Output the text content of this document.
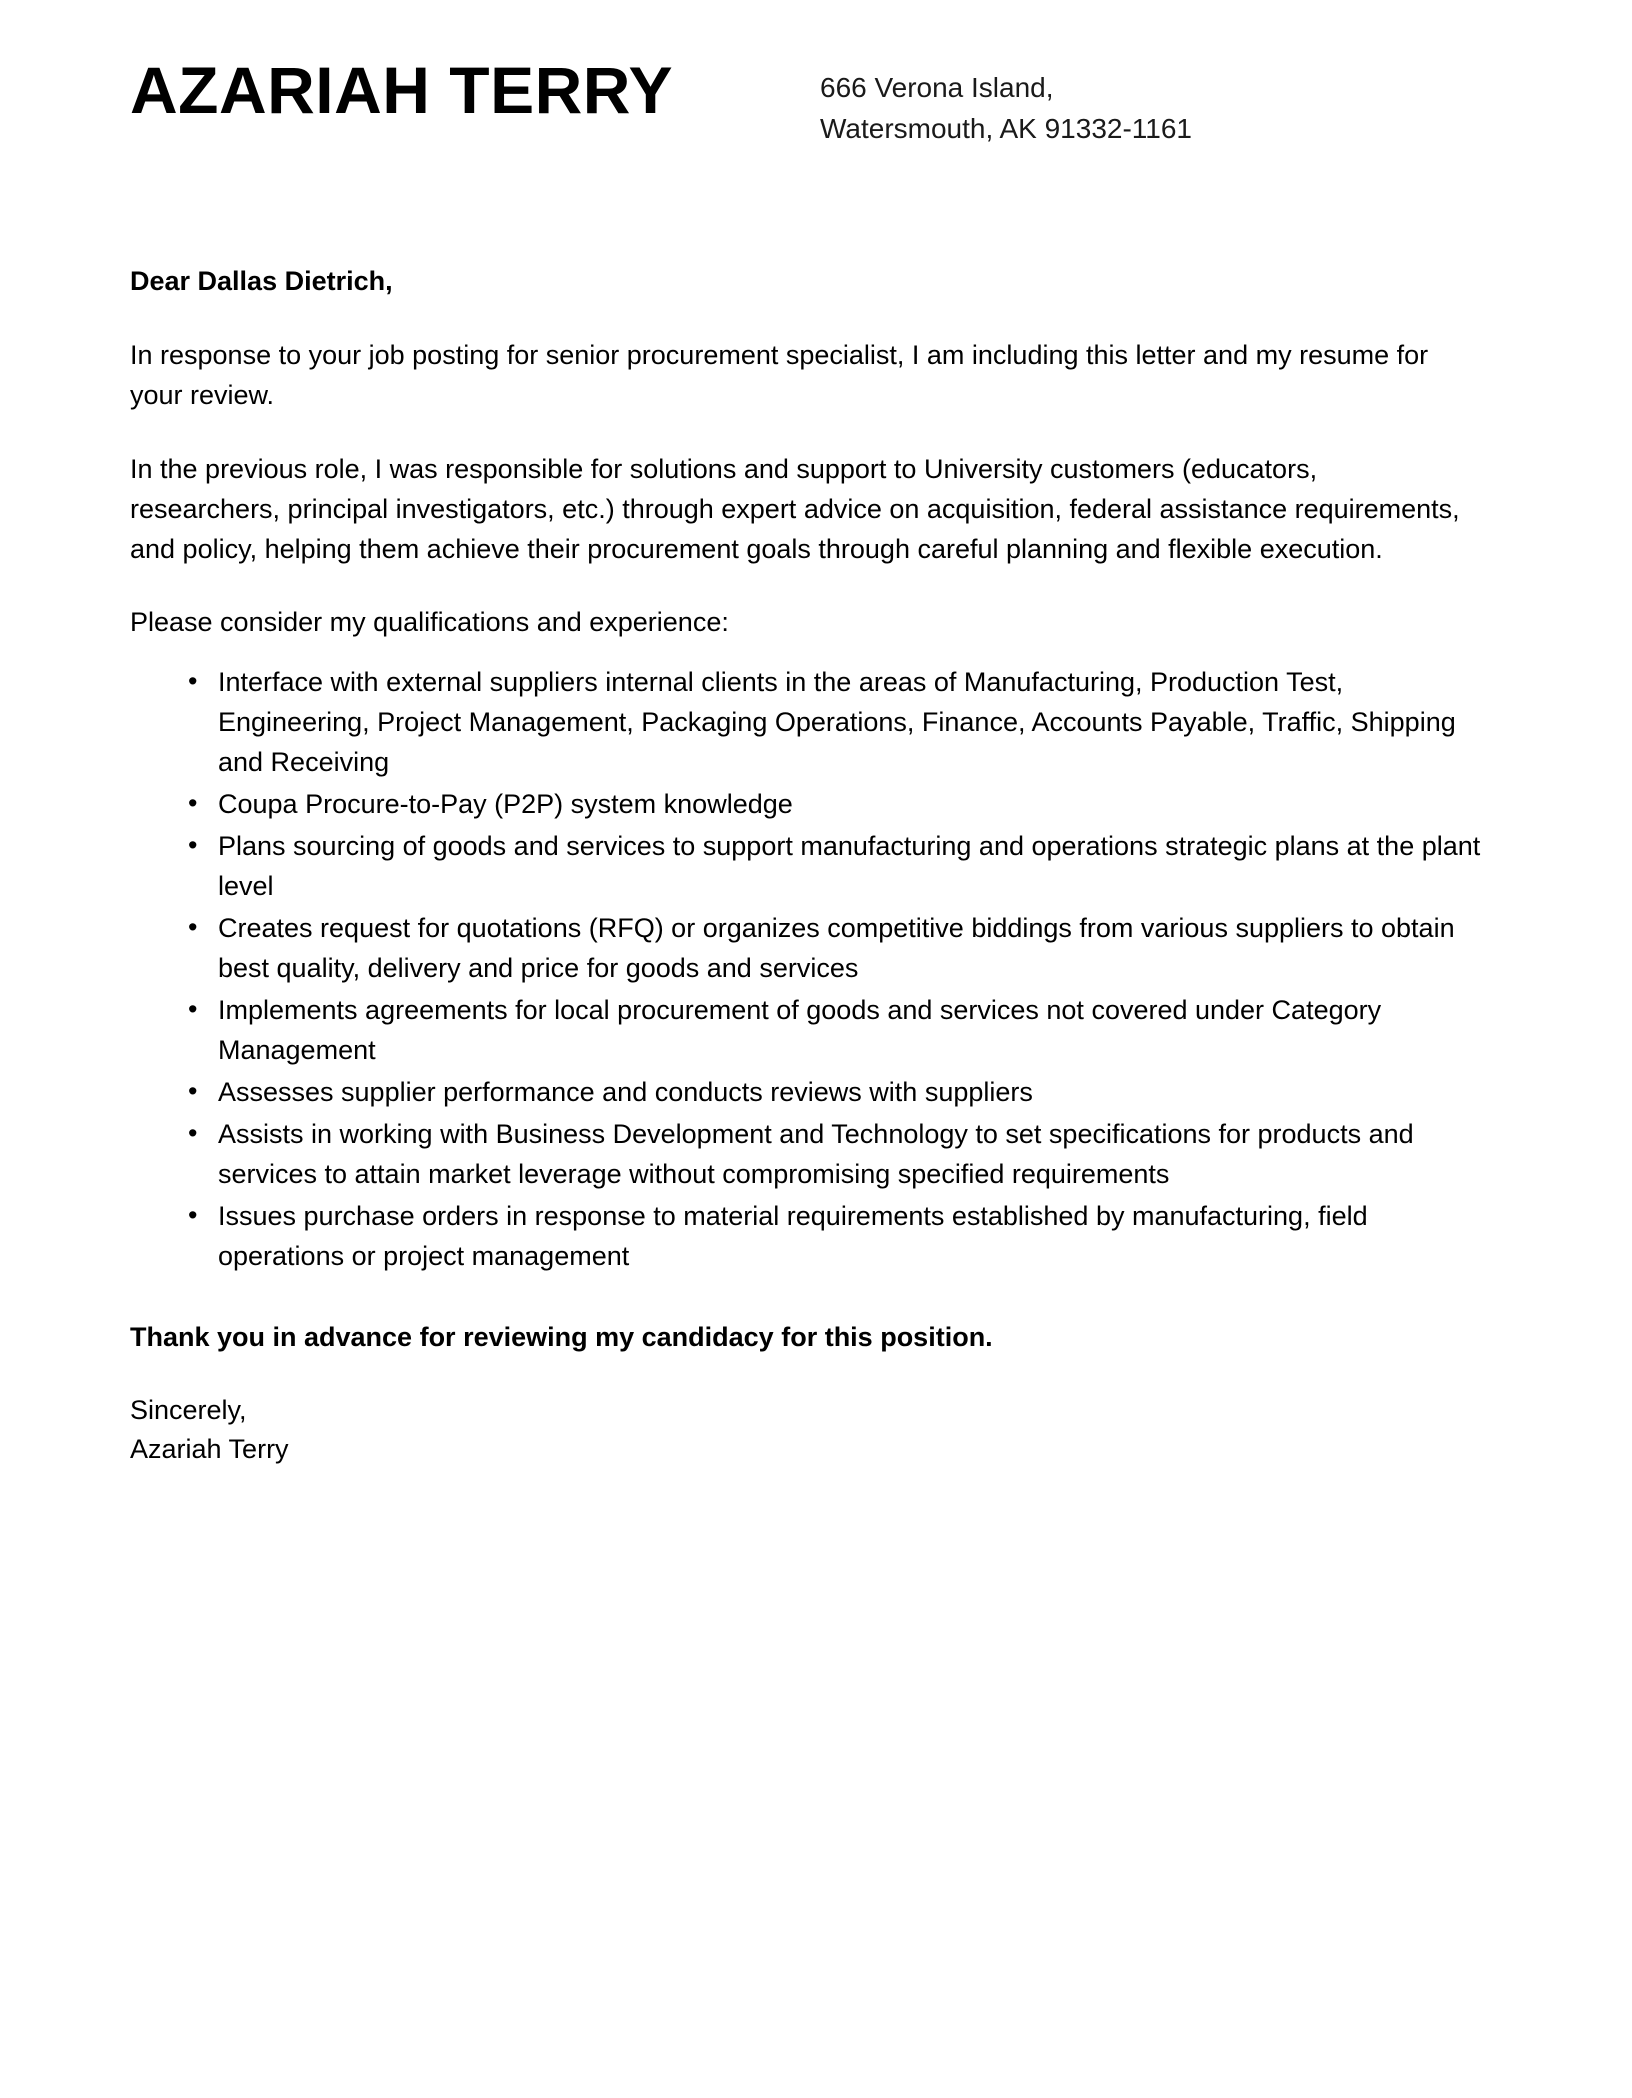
AZARIAH TERRY	666 Verona Island,
Watersmouth, AK 91332-1161

Dear Dallas Dietrich,

In response to your job posting for senior procurement specialist, I am including this letter and my resume for your review.

In the previous role, I was responsible for solutions and support to University customers (educators, researchers, principal investigators, etc.) through expert advice on acquisition, federal assistance requirements, and policy, helping them achieve their procurement goals through careful planning and flexible execution.

Please consider my qualifications and experience:

• Interface with external suppliers internal clients in the areas of Manufacturing, Production Test, Engineering, Project Management, Packaging Operations, Finance, Accounts Payable, Traffic, Shipping and Receiving
• Coupa Procure-to-Pay (P2P) system knowledge
• Plans sourcing of goods and services to support manufacturing and operations strategic plans at the plant level
• Creates request for quotations (RFQ) or organizes competitive biddings from various suppliers to obtain best quality, delivery and price for goods and services
• Implements agreements for local procurement of goods and services not covered under Category Management
• Assesses supplier performance and conducts reviews with suppliers
• Assists in working with Business Development and Technology to set specifications for products and services to attain market leverage without compromising specified requirements
• Issues purchase orders in response to material requirements established by manufacturing, field operations or project management

Thank you in advance for reviewing my candidacy for this position.

Sincerely,
Azariah Terry
